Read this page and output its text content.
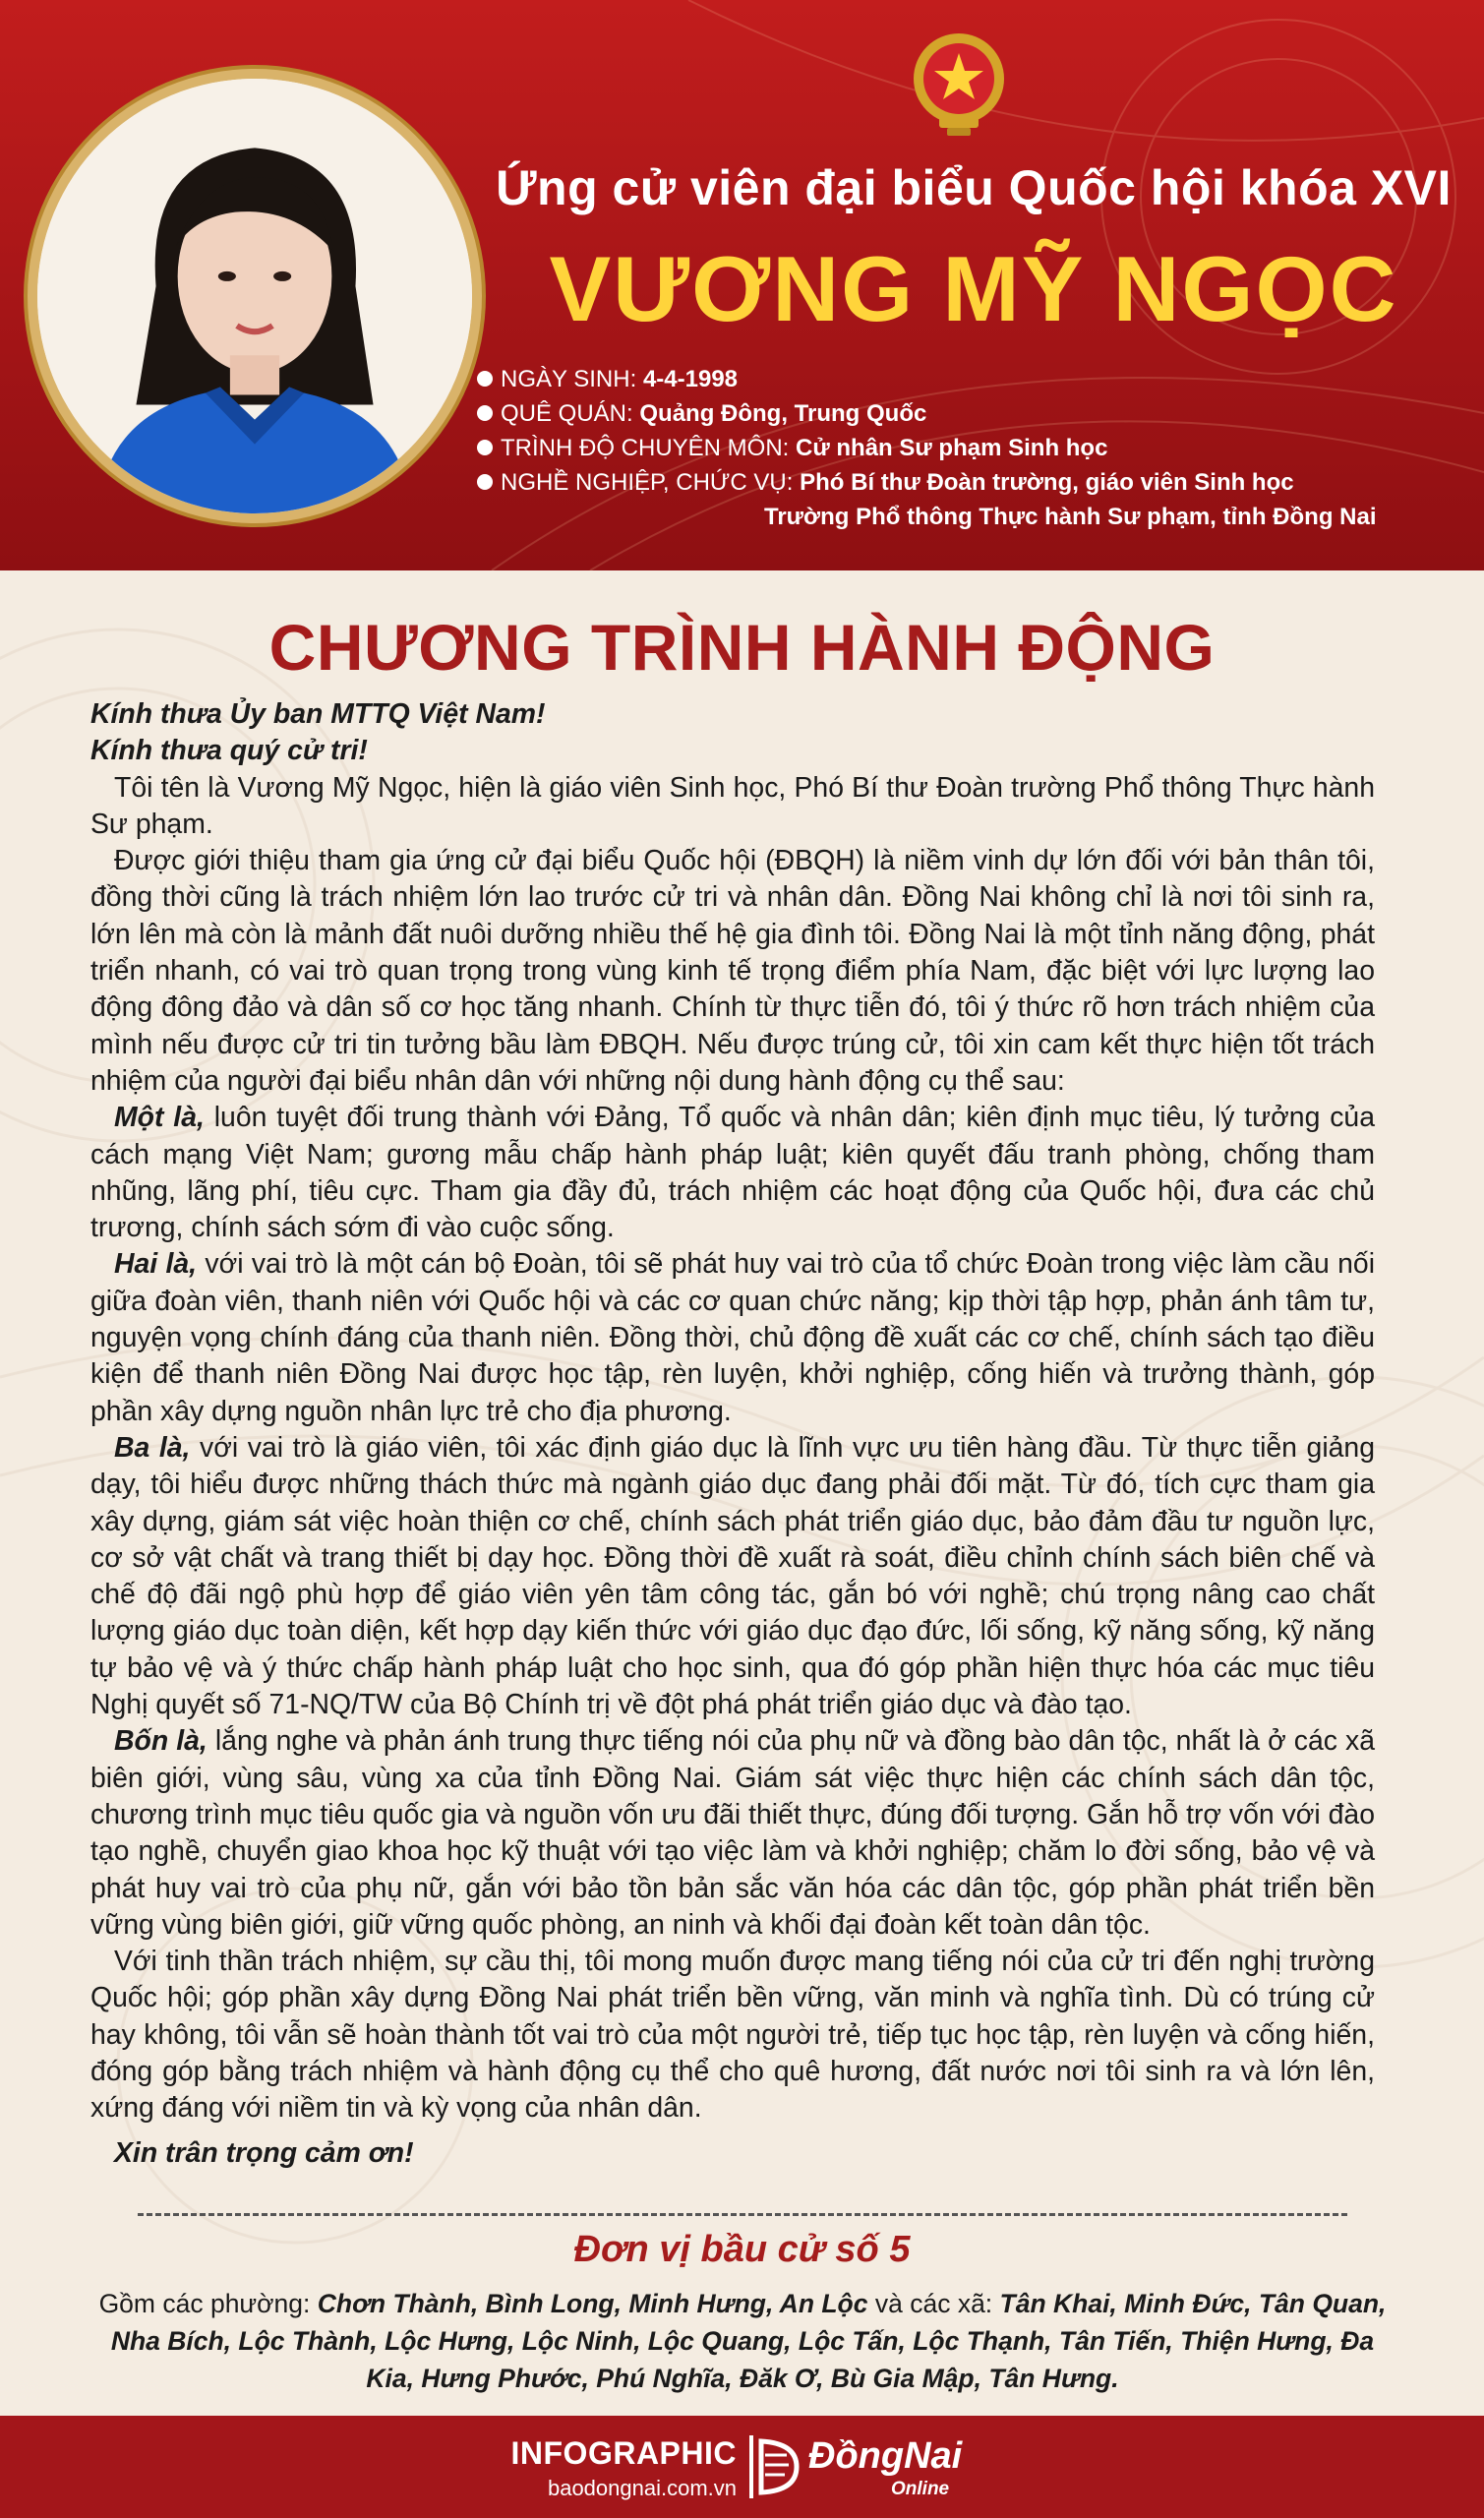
Ứng cử viên đại biểu Quốc hội khóa XVI
VƯƠNG MỸ NGỌC
NGÀY SINH: 4-4-1998
QUÊ QUÁN: Quảng Đông, Trung Quốc
TRÌNH ĐỘ CHUYÊN MÔN: Cử nhân Sư phạm Sinh học
NGHỀ NGHIỆP, CHỨC VỤ: Phó Bí thư Đoàn trường, giáo viên Sinh học
Trường Phổ thông Thực hành Sư phạm, tỉnh Đồng Nai
CHƯƠNG TRÌNH HÀNH ĐỘNG

Kính thưa Ủy ban MTTQ Việt Nam!

Kính thưa quý cử tri!

Tôi tên là Vương Mỹ Ngọc, hiện là giáo viên Sinh học, Phó Bí thư Đoàn trường Phổ thông Thực hành Sư phạm.

Được giới thiệu tham gia ứng cử đại biểu Quốc hội (ĐBQH) là niềm vinh dự lớn đối với bản thân tôi, đồng thời cũng là trách nhiệm lớn lao trước cử tri và nhân dân. Đồng Nai không chỉ là nơi tôi sinh ra, lớn lên mà còn là mảnh đất nuôi dưỡng nhiều thế hệ gia đình tôi. Đồng Nai là một tỉnh năng động, phát triển nhanh, có vai trò quan trọng trong vùng kinh tế trọng điểm phía Nam, đặc biệt với lực lượng lao động đông đảo và dân số cơ học tăng nhanh. Chính từ thực tiễn đó, tôi ý thức rõ hơn trách nhiệm của mình nếu được cử tri tin tưởng bầu làm ĐBQH. Nếu được trúng cử, tôi xin cam kết thực hiện tốt trách nhiệm của người đại biểu nhân dân với những nội dung hành động cụ thể sau:

Một là, luôn tuyệt đối trung thành với Đảng, Tổ quốc và nhân dân; kiên định mục tiêu, lý tưởng của cách mạng Việt Nam; gương mẫu chấp hành pháp luật; kiên quyết đấu tranh phòng, chống tham nhũng, lãng phí, tiêu cực. Tham gia đầy đủ, trách nhiệm các hoạt động của Quốc hội, đưa các chủ trương, chính sách sớm đi vào cuộc sống.

Hai là, với vai trò là một cán bộ Đoàn, tôi sẽ phát huy vai trò của tổ chức Đoàn trong việc làm cầu nối giữa đoàn viên, thanh niên với Quốc hội và các cơ quan chức năng; kịp thời tập hợp, phản ánh tâm tư, nguyện vọng chính đáng của thanh niên. Đồng thời, chủ động đề xuất các cơ chế, chính sách tạo điều kiện để thanh niên Đồng Nai được học tập, rèn luyện, khởi nghiệp, cống hiến và trưởng thành, góp phần xây dựng nguồn nhân lực trẻ cho địa phương.

Ba là, với vai trò là giáo viên, tôi xác định giáo dục là lĩnh vực ưu tiên hàng đầu. Từ thực tiễn giảng dạy, tôi hiểu được những thách thức mà ngành giáo dục đang phải đối mặt. Từ đó, tích cực tham gia xây dựng, giám sát việc hoàn thiện cơ chế, chính sách phát triển giáo dục, bảo đảm đầu tư nguồn lực, cơ sở vật chất và trang thiết bị dạy học. Đồng thời đề xuất rà soát, điều chỉnh chính sách biên chế và chế độ đãi ngộ phù hợp để giáo viên yên tâm công tác, gắn bó với nghề; chú trọng nâng cao chất lượng giáo dục toàn diện, kết hợp dạy kiến thức với giáo dục đạo đức, lối sống, kỹ năng sống, kỹ năng tự bảo vệ và ý thức chấp hành pháp luật cho học sinh, qua đó góp phần hiện thực hóa các mục tiêu Nghị quyết số 71-NQ/TW của Bộ Chính trị về đột phá phát triển giáo dục và đào tạo.

Bốn là, lắng nghe và phản ánh trung thực tiếng nói của phụ nữ và đồng bào dân tộc, nhất là ở các xã biên giới, vùng sâu, vùng xa của tỉnh Đồng Nai. Giám sát việc thực hiện các chính sách dân tộc, chương trình mục tiêu quốc gia và nguồn vốn ưu đãi thiết thực, đúng đối tượng. Gắn hỗ trợ vốn với đào tạo nghề, chuyển giao khoa học kỹ thuật với tạo việc làm và khởi nghiệp; chăm lo đời sống, bảo vệ và phát huy vai trò của phụ nữ, gắn với bảo tồn bản sắc văn hóa các dân tộc, góp phần phát triển bền vững vùng biên giới, giữ vững quốc phòng, an ninh và khối đại đoàn kết toàn dân tộc.

Với tinh thần trách nhiệm, sự cầu thị, tôi mong muốn được mang tiếng nói của cử tri đến nghị trường Quốc hội; góp phần xây dựng Đồng Nai phát triển bền vững, văn minh và nghĩa tình. Dù có trúng cử hay không, tôi vẫn sẽ hoàn thành tốt vai trò của một người trẻ, tiếp tục học tập, rèn luyện và cống hiến, đóng góp bằng trách nhiệm và hành động cụ thể cho quê hương, đất nước nơi tôi sinh ra và lớn lên, xứng đáng với niềm tin và kỳ vọng của nhân dân.

Xin trân trọng cảm ơn!

Đơn vị bầu cử số 5
Gồm các phường: Chơn Thành, Bình Long, Minh Hưng, An Lộc và các xã: Tân Khai, Minh Đức, Tân Quan, Nha Bích, Lộc Thành, Lộc Hưng, Lộc Ninh, Lộc Quang, Lộc Tấn, Lộc Thạnh, Tân Tiến, Thiện Hưng, Đa Kia, Hưng Phước, Phú Nghĩa, Đăk Ơ, Bù Gia Mập, Tân Hưng.
INFOGRAPHIC
baodongnai.com.vn
ĐồngNai
Online
